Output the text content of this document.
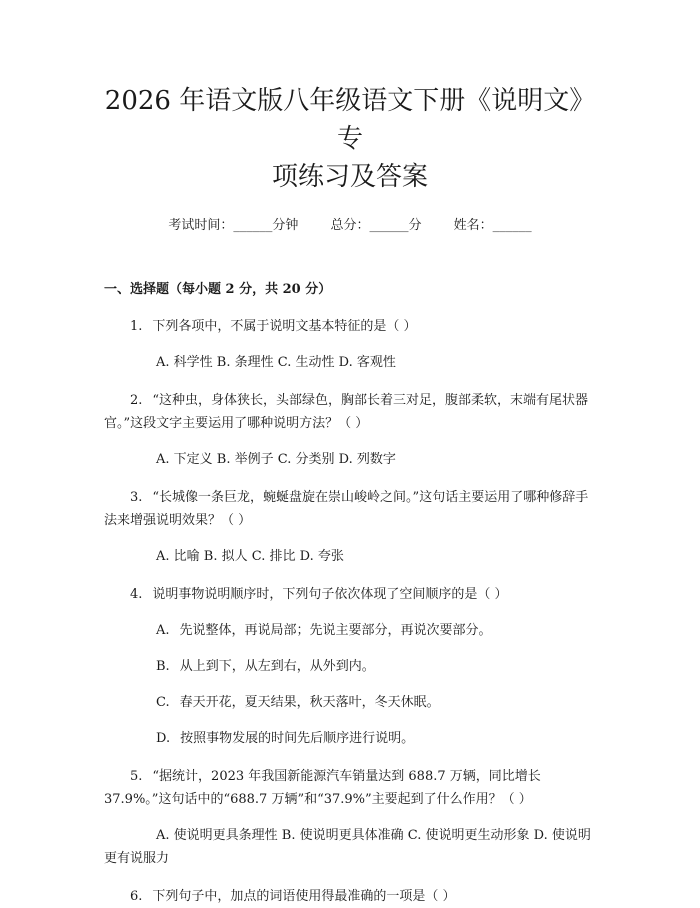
2026 年语文版八年级语文下册《说明文》专
项练习及答案
考试时间：______分钟 总分：______分 姓名：______
一、选择题（每小题 2 分，共 20 分）
1. 下列各项中，不属于说明文基本特征的是（ ）
A. 科学性 B. 条理性 C. 生动性 D. 客观性
2. “这种虫，身体狭长，头部绿色，胸部长着三对足，腹部柔软，末端有尾状器官。”这段文字主要运用了哪种说明方法？（ ）
A. 下定义 B. 举例子 C. 分类别 D. 列数字
3. “长城像一条巨龙，蜿蜒盘旋在崇山峻岭之间。”这句话主要运用了哪种修辞手法来增强说明效果？（ ）
A. 比喻 B. 拟人 C. 排比 D. 夸张
4. 说明事物说明顺序时，下列句子依次体现了空间顺序的是（ ）
A. 先说整体，再说局部；先说主要部分，再说次要部分。
B. 从上到下，从左到右，从外到内。
C. 春天开花，夏天结果，秋天落叶，冬天休眠。
D. 按照事物发展的时间先后顺序进行说明。
5. “据统计，2023 年我国新能源汽车销量达到 688.7 万辆，同比增长 37.9%。”这句话中的“688.7 万辆”和“37.9%”主要起到了什么作用？（ ）
A. 使说明更具条理性 B. 使说明更具体准确 C. 使说明更生动形象 D. 使说明更有说服力
6. 下列句子中，加点的词语使用得最准确的一项是（ ）
